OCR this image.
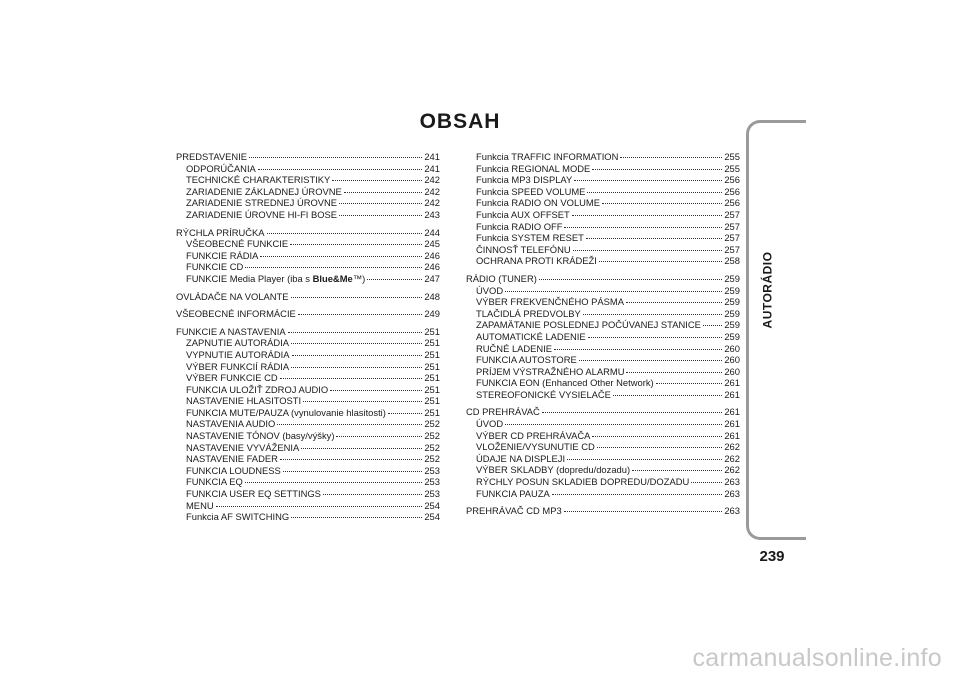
OBSAH
PREDSTAVENIE	241
ODPORÚČANIA	241
TECHNICKÉ CHARAKTERISTIKY	242
ZARIADENIE ZÁKLADNEJ ÚROVNE	242
ZARIADENIE STREDNEJ ÚROVNE	242
ZARIADENIE ÚROVNE HI-FI BOSE	243
RÝCHLA PRÍRUČKA	244
VŠEOBECNÉ FUNKCIE	245
FUNKCIE RÁDIA	246
FUNKCIE CD	246
FUNKCIE Media Player (iba s Blue&Me™)	247
OVLÁDAČE NA VOLANTE	248
VŠEOBECNÉ INFORMÁCIE	249
FUNKCIE A NASTAVENIA	251
ZAPNUTIE AUTORÁDIA	251
VYPNUTIE AUTORÁDIA	251
VÝBER FUNKCIÍ RÁDIA	251
VÝBER FUNKCIE CD	251
FUNKCIA ULOŽIŤ ZDROJ AUDIO	251
NASTAVENIE HLASITOSTI	251
FUNKCIA MUTE/PAUZA (vynulovanie hlasitosti)	251
NASTAVENIA AUDIO	252
NASTAVENIE TÓNOV (basy/výšky)	252
NASTAVENIE VYVÁŽENIA	252
NASTAVENIE FADER	252
FUNKCIA LOUDNESS	253
FUNKCIA EQ	253
FUNKCIA USER EQ SETTINGS	253
MENU	254
Funkcia AF SWITCHING	254
Funkcia TRAFFIC INFORMATION	255
Funkcia REGIONAL MODE	255
Funkcia MP3 DISPLAY	256
Funkcia SPEED VOLUME	256
Funkcia RADIO ON VOLUME	256
Funkcia AUX OFFSET	257
Funkcia RADIO OFF	257
Funkcia SYSTEM RESET	257
ČINNOSŤ TELEFÓNU	257
OCHRANA PROTI KRÁDEŽI	258
RÁDIO (TUNER)	259
ÚVOD	259
VÝBER FREKVENČNÉHO PÁSMA	259
TLAČIDLÁ PREDVOLBY	259
ZAPAMÄTANIE POSLEDNEJ POČÚVANEJ STANICE 259
AUTOMATICKÉ LADENIE	259
RUČNÉ LADENIE	260
FUNKCIA AUTOSTORE	260
PRÍJEM VÝSTRAŽNÉHO ALARMU	260
FUNKCIA EON (Enhanced Other Network)	261
STEREOFONICKÉ VYSIELAČE	261
CD PREHRÁVAČ	261
ÚVOD	261
VÝBER CD PREHRÁVAČA	261
VLOŽENIE/VYSUNUTIE CD	262
ÚDAJE NA DISPLEJI	262
VÝBER SKLADBY (dopredu/dozadu)	262
RÝCHLY POSUN SKLADIEB DOPREDU/DOZADU	263
FUNKCIA PAUZA	263
PREHRÁVAČ CD MP3	263
AUTORÁDIO
239
carmanualsonline.info
